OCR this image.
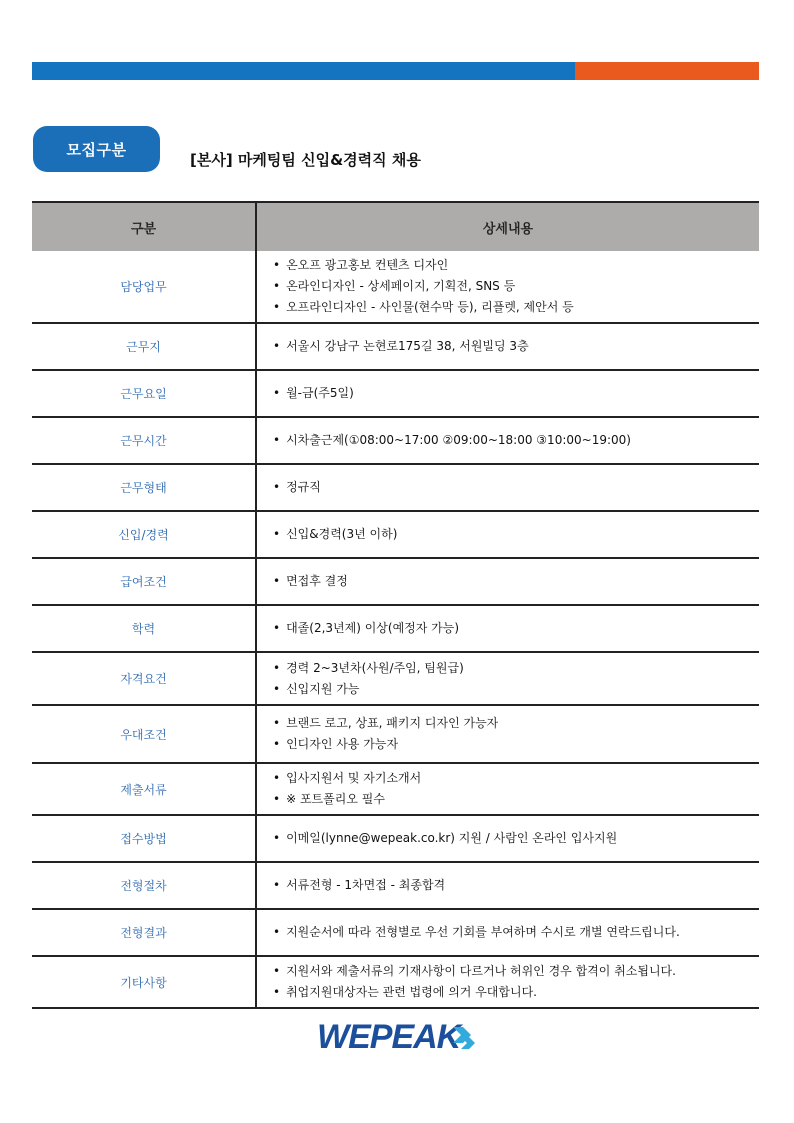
모집구분
[본사] 마케팅팀 신입&경력직 채용
구분	상세내용
담당업무	• 온오프 광고홍보 컨텐츠 디자인
• 온라인디자인 - 상세페이지, 기획전, SNS 등
• 오프라인디자인 - 사인물(현수막 등), 리플렛, 제안서 등

근무지	• 서울시 강남구 논현로175길 38, 서원빌딩 3층

근무요일	• 월-금(주5일)

근무시간	• 시차출근제(①08:00~17:00 ②09:00~18:00 ③10:00~19:00)

근무형태	• 정규직

신입/경력	• 신입&경력(3년 이하)

급여조건	• 면접후 결정

학력	• 대졸(2,3년제) 이상(예정자 가능)

자격요건	• 경력 2~3년차(사원/주임, 팀원급)
• 신입지원 가능

우대조건	• 브랜드 로고, 상표, 패키지 디자인 가능자
• 인디자인 사용 가능자

제출서류	• 입사지원서 및 자기소개서
• ※ 포트폴리오 필수

접수방법	• 이메일(lynne@wepeak.co.kr) 지원 / 사람인 온라인 입사지원

전형절차	• 서류전형 - 1차면접 - 최종합격

전형결과	• 지원순서에 따라 전형별로 우선 기회를 부여하며 수시로 개별 연락드립니다.

기타사항	• 지원서와 제출서류의 기재사항이 다르거나 허위인 경우 합격이 취소됩니다.
• 취업지원대상자는 관련 법령에 의거 우대합니다.
WEPEAK
